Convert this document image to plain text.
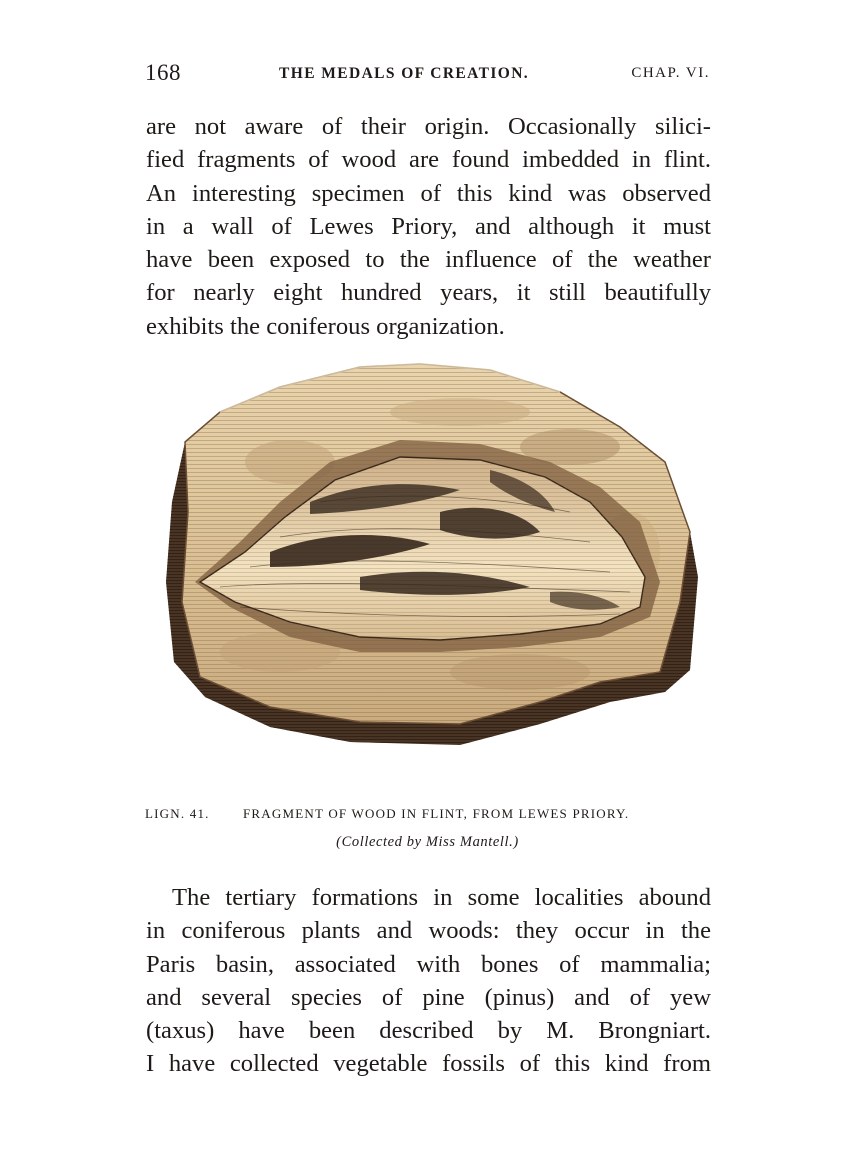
168	THE MEDALS OF CREATION.	CHAP. VI.
are not aware of their origin. Occasionally silici-
fied fragments of wood are found imbedded in flint.
An interesting specimen of this kind was observed
in a wall of Lewes Priory, and although it must
have been exposed to the influence of the weather
for nearly eight hundred years, it still beautifully
exhibits the coniferous organization.
LIGN. 41.	FRAGMENT OF WOOD IN FLINT, FROM LEWES PRIORY.
(Collected by Miss Mantell.)
The tertiary formations in some localities abound
in coniferous plants and woods: they occur in the
Paris basin, associated with bones of mammalia;
and several species of pine (pinus) and of yew
(taxus) have been described by M. Brongniart.
I have collected vegetable fossils of this kind from
